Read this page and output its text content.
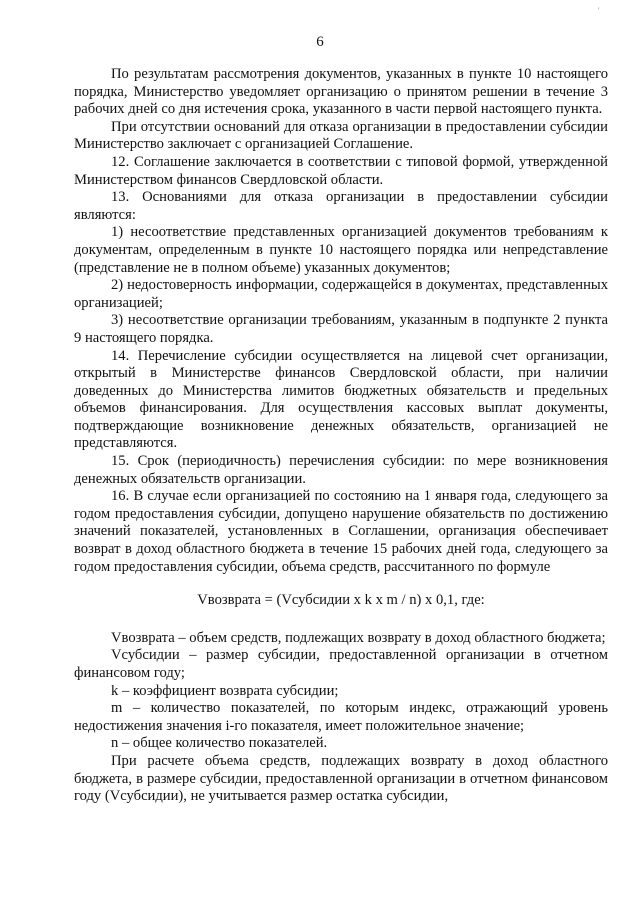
'
6

По результатам рассмотрения документов, указанных в пункте 10 настоящего порядка, Министерство уведомляет организацию о принятом решении в течение 3 рабочих дней со дня истечения срока, указанного в части первой настоящего пункта.

При отсутствии оснований для отказа организации в предоставлении субсидии Министерство заключает с организацией Соглашение.

12. Соглашение заключается в соответствии с типовой формой, утвержденной Министерством финансов Свердловской области.

13. Основаниями для отказа организации в предоставлении субсидии являются:

1) несоответствие представленных организацией документов требованиям к документам, определенным в пункте 10 настоящего порядка или непредставление (представление не в полном объеме) указанных документов;

2) недостоверность информации, содержащейся в документах, представленных организацией;

3) несоответствие организации требованиям, указанным в подпункте 2 пункта 9 настоящего порядка.

14. Перечисление субсидии осуществляется на лицевой счет организации, открытый в Министерстве финансов Свердловской области, при наличии доведенных до Министерства лимитов бюджетных обязательств и предельных объемов финансирования. Для осуществления кассовых выплат документы, подтверждающие возникновение денежных обязательств, организацией не представляются.

15. Срок (периодичность) перечисления субсидии: по мере возникновения денежных обязательств организации.

16. В случае если организацией по состоянию на 1 января года, следующего за годом предоставления субсидии, допущено нарушение обязательств по достижению значений показателей, установленных в Соглашении, организация обеспечивает возврат в доход областного бюджета в течение 15 рабочих дней года, следующего за годом предоставления субсидии, объема средств, рассчитанного по формуле

Vвозврата = (Vсубсидии x k x m / n) x 0,1, где:

Vвозврата – объем средств, подлежащих возврату в доход областного бюджета;

Vсубсидии – размер субсидии, предоставленной организации в отчетном финансовом году;

k – коэффициент возврата субсидии;

m – количество показателей, по которым индекс, отражающий уровень недостижения значения i-го показателя, имеет положительное значение;

n – общее количество показателей.

При расчете объема средств, подлежащих возврату в доход областного бюджета, в размере субсидии, предоставленной организации в отчетном финансовом году (Vсубсидии), не учитывается размер остатка субсидии,
